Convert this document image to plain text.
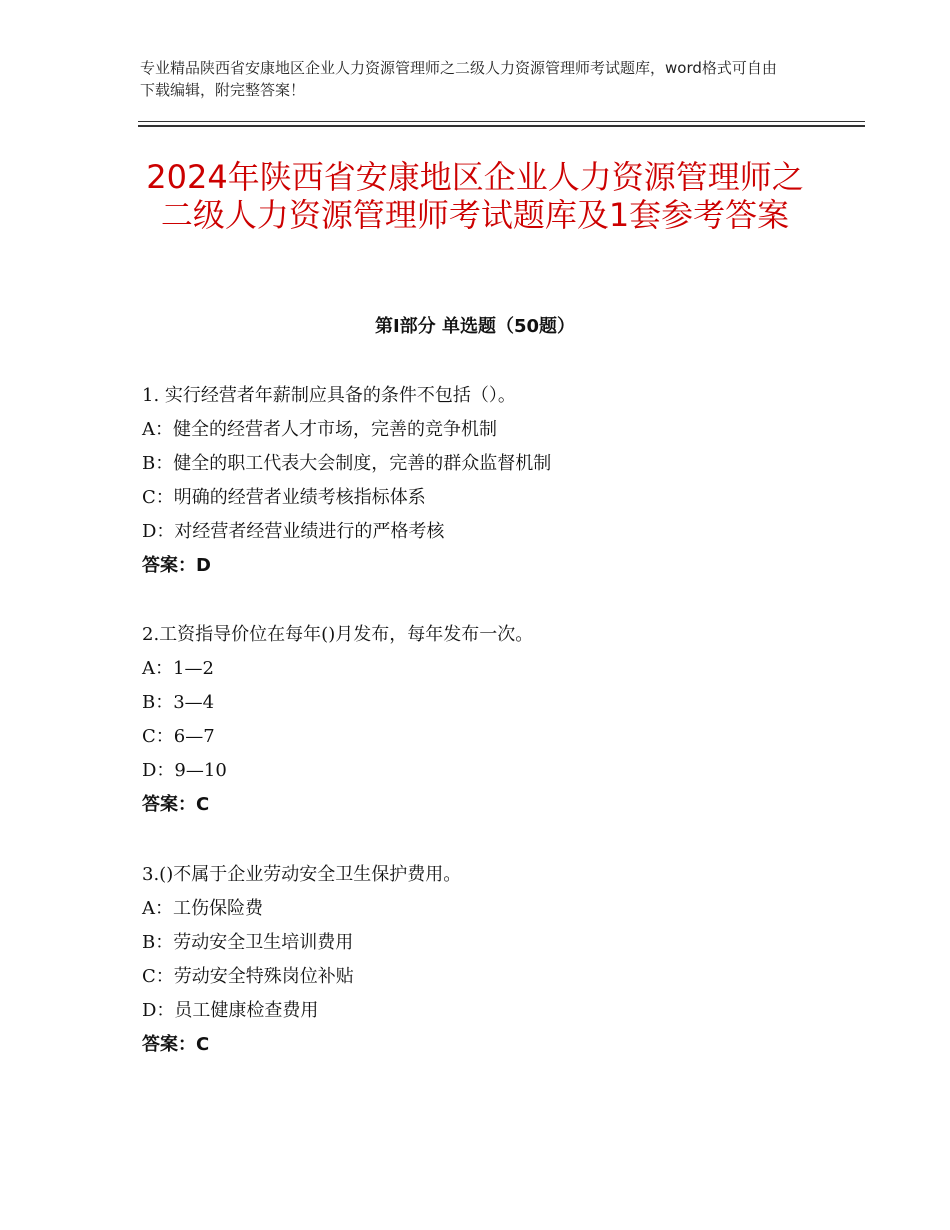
专业精品陕西省安康地区企业人力资源管理师之二级人力资源管理师考试题库，word格式可自由下载编辑，附完整答案！
2024年陕西省安康地区企业人力资源管理师之二级人力资源管理师考试题库及1套参考答案
第Ⅰ部分 单选题（50题）
1. 实行经营者年薪制应具备的条件不包括（）。
A：健全的经营者人才市场，完善的竞争机制
B：健全的职工代表大会制度，完善的群众监督机制
C：明确的经营者业绩考核指标体系
D：对经营者经营业绩进行的严格考核
答案：D
2.工资指导价位在每年()月发布，每年发布一次。
A：1—2
B：3—4
C：6—7
D：9—10
答案：C
3.()不属于企业劳动安全卫生保护费用。
A：工伤保险费
B：劳动安全卫生培训费用
C：劳动安全特殊岗位补贴
D：员工健康检查费用
答案：C
